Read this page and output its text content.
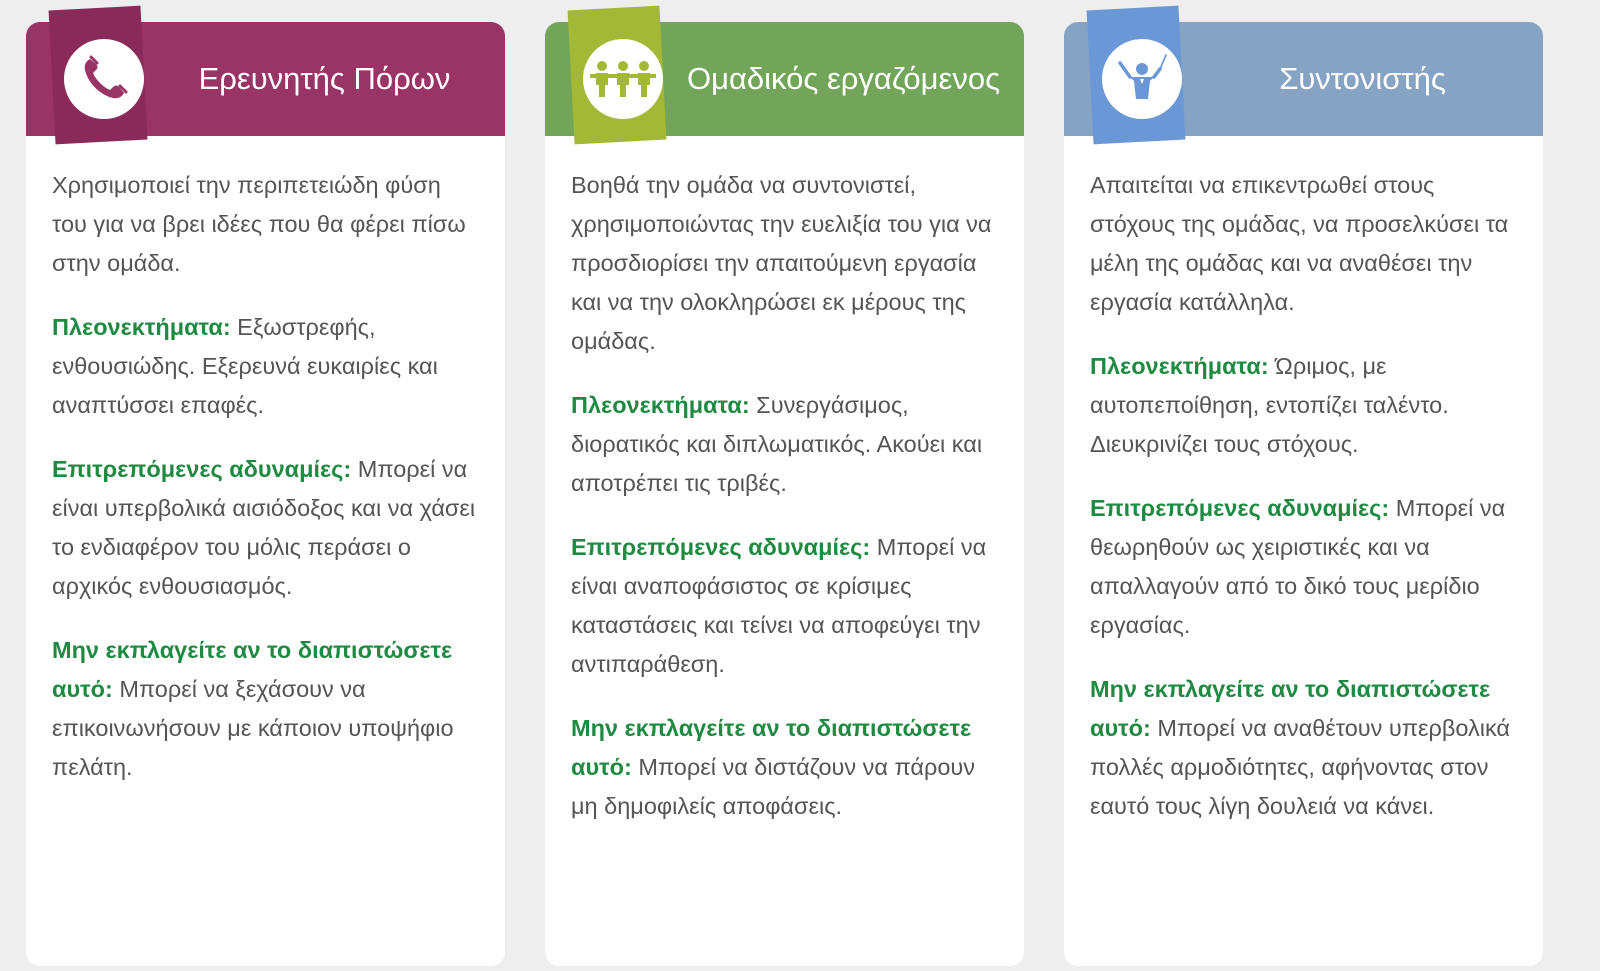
Ερευνητής Πόρων

Χρησιμοποιεί την περιπετειώδη φύση του για να βρει ιδέες που θα φέρει πίσω στην ομάδα.

Πλεονεκτήματα: Εξωστρεφής, ενθουσιώδης. Εξερευνά ευκαιρίες και αναπτύσσει επαφές.

Επιτρεπόμενες αδυναμίες: Μπορεί να είναι υπερβολικά αισιόδοξος και να χάσει το ενδιαφέρον του μόλις περάσει ο αρχικός ενθουσιασμός.

Μην εκπλαγείτε αν το διαπιστώσετε αυτό: Μπορεί να ξεχάσουν να επικοινωνήσουν με κάποιον υποψήφιο πελάτη.

Ομαδικός εργαζόμενος

Βοηθά την ομάδα να συντονιστεί, χρησιμοποιώντας την ευελιξία του για να προσδιορίσει την απαιτούμενη εργασία και να την ολοκληρώσει εκ μέρους της ομάδας.

Πλεονεκτήματα: Συνεργάσιμος, διορατικός και διπλωματικός. Ακούει και αποτρέπει τις τριβές.

Επιτρεπόμενες αδυναμίες: Μπορεί να είναι αναποφάσιστος σε κρίσιμες καταστάσεις και τείνει να αποφεύγει την αντιπαράθεση.

Μην εκπλαγείτε αν το διαπιστώσετε αυτό: Μπορεί να διστάζουν να πάρουν μη δημοφιλείς αποφάσεις.

Συντονιστής

Απαιτείται να επικεντρωθεί στους στόχους της ομάδας, να προσελκύσει τα μέλη της ομάδας και να αναθέσει την εργασία κατάλληλα.

Πλεονεκτήματα: Ώριμος, με αυτοπεποίθηση, εντοπίζει ταλέντο. Διευκρινίζει τους στόχους.

Επιτρεπόμενες αδυναμίες: Μπορεί να θεωρηθούν ως χειριστικές και να απαλλαγούν από το δικό τους μερίδιο εργασίας.

Μην εκπλαγείτε αν το διαπιστώσετε αυτό: Μπορεί να αναθέτουν υπερβολικά πολλές αρμοδιότητες, αφήνοντας στον εαυτό τους λίγη δουλειά να κάνει.
